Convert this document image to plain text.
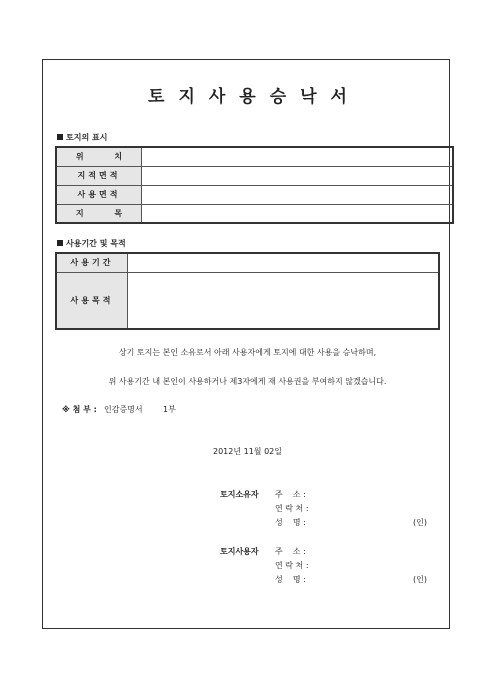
토지사용승낙서
토지의 표시
위 치	
지적면적	
사용면적	
지 목	
사용기간 및 목적
사용기간	
사용목적	
상기 토지는 본인 소유로서 아래 사용자에게 토지에 대한 사용을 승낙하며,
위 사용기간 내 본인이 사용하거나 제3자에게 재 사용권을 부여하지 않겠습니다.
※ 첨 부 : 인감증명서	1부
2012년 11월 02일
토지소유자 주    소 :
연 락 처 :
성    명 :	(인)
토지사용자 주    소 :
연 락 처 :
성    명 :	(인)
